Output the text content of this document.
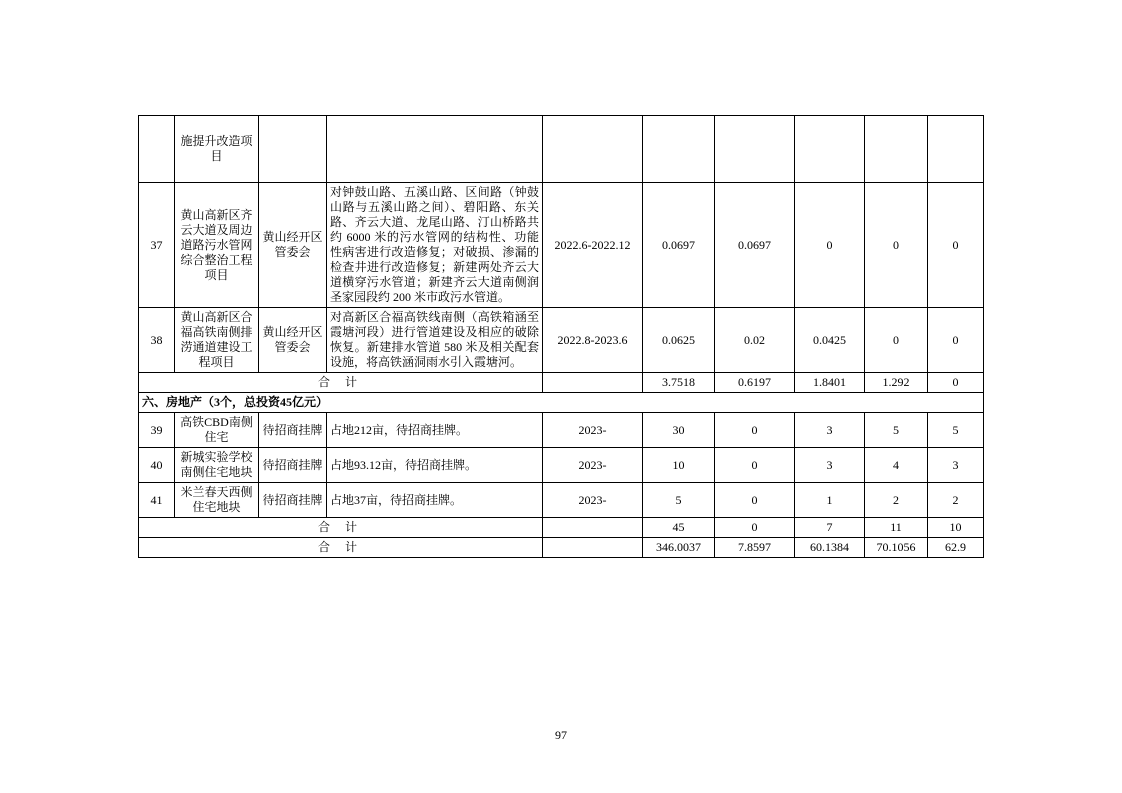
	施提升改造项目								
37	黄山高新区齐云大道及周边道路污水管网综合整治工程项目	黄山经开区管委会	对钟鼓山路、五溪山路、区间路（钟鼓山路与五溪山路之间）、碧阳路、东关路、齐云大道、龙尾山路、汀山桥路共约 6000 米的污水管网的结构性、功能性病害进行改造修复；对破损、渗漏的检查井进行改造修复；新建两处齐云大道横穿污水管道；新建齐云大道南侧润圣家园段约 200 米市政污水管道。	2022.6-2022.12	0.0697	0.0697	0	0	0
38	黄山高新区合福高铁南侧排涝通道建设工程项目	黄山经开区管委会	对高新区合福高铁线南侧（高铁箱涵至霞塘河段）进行管道建设及相应的破除恢复。新建排水管道 580 米及相关配套设施，将高铁涵洞雨水引入霞塘河。	2022.8-2023.6	0.0625	0.02	0.0425	0	0
合 计					3.7518	0.6197	1.8401	1.292	0
六、房地产（3个，总投资45亿元）									
39	高铁CBD南侧住宅	待招商挂牌	占地212亩，待招商挂牌。	2023-	30	0	3	5	5
40	新城实验学校南侧住宅地块	待招商挂牌	占地93.12亩，待招商挂牌。	2023-	10	0	3	4	3
41	米兰春天西侧住宅地块	待招商挂牌	占地37亩，待招商挂牌。	2023-	5	0	1	2	2
合 计					45	0	7	11	10
合 计					346.0037	7.8597	60.1384	70.1056	62.9
97
